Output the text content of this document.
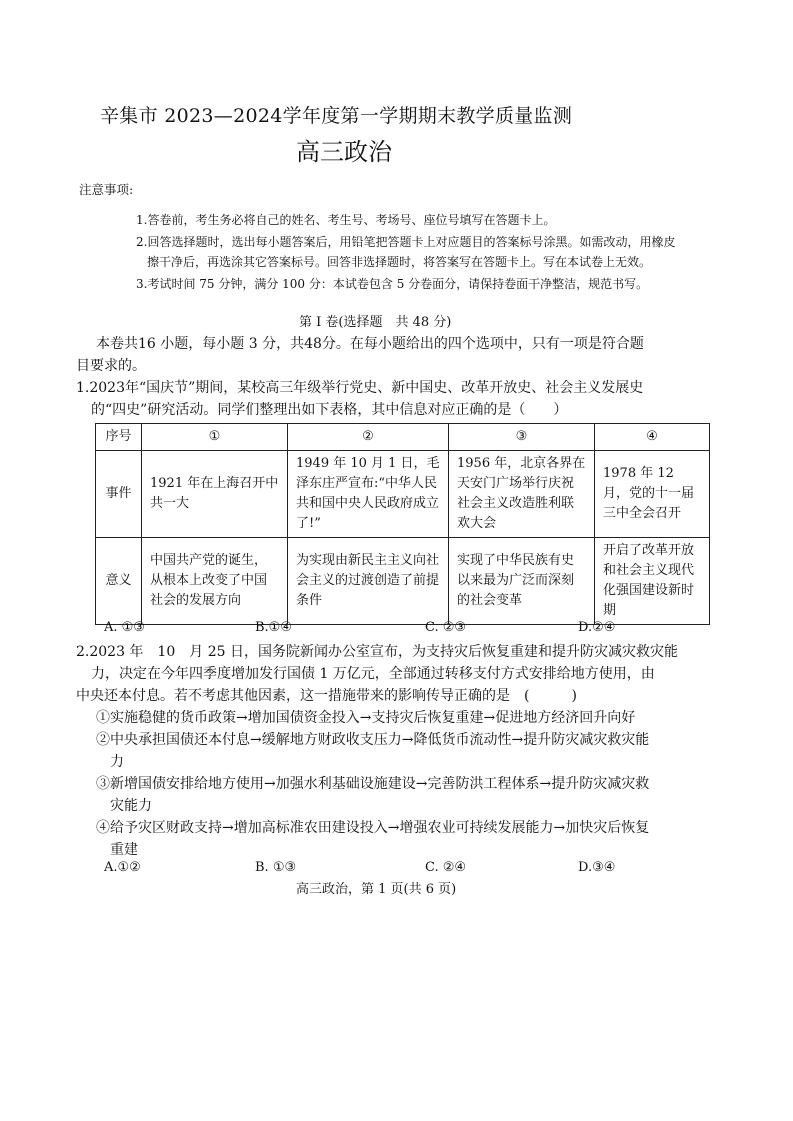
辛集市 2023—2024学年度第一学期期末教学质量监测
高三政治
注意事项:
1.答卷前，考生务必将自己的姓名、考生号、考场号、座位号填写在答题卡上。
2.回答选择题时，选出每小题答案后，用铅笔把答题卡上对应题目的答案标号涂黑。如需改动，用橡皮
擦干净后，再选涂其它答案标号。回答非选择题时，将答案写在答题卡上。写在本试卷上无效。
3.考试时间 75 分钟，满分 100 分：本试卷包含 5 分卷面分，请保持卷面干净整洁，规范书写。
第 Ⅰ 卷(选择题　共 48 分)
本卷共16 小题，每小题 3 分，共48分。在每小题给出的四个选项中，只有一项是符合题
目要求的。
1.2023年“国庆节”期间，某校高三年级举行党史、新中国史、改革开放史、社会主义发展史
的“四史”研究活动。同学们整理出如下表格，其中信息对应正确的是（　　）
序号	①	②	③	④
事件	1921 年在上海召开中共一大	1949 年 10 月 1 日，毛泽东庄严宣布:“中华人民共和国中央人民政府成立了!”	1956 年，北京各界在天安门广场举行庆祝社会主义改造胜利联欢大会	1978 年 12 月，党的十一届三中全会召开
意义	中国共产党的诞生，从根本上改变了中国社会的发展方向	为实现由新民主主义向社会主义的过渡创造了前提条件	实现了中华民族有史以来最为广泛而深刻的社会变革	开启了改革开放和社会主义现代化强国建设新时期
A. ①③	B.①④	C. ②③	D.②④
2.2023 年　10　月 25 日，国务院新闻办公室宣布，为支持灾后恢复重建和提升防灾减灾救灾能
力，决定在今年四季度增加发行国债 1 万亿元，全部通过转移支付方式安排给地方使用，由
中央还本付息。若不考虑其他因素，这一措施带来的影响传导正确的是　(　　　)
①实施稳健的货币政策→增加国债资金投入→支持灾后恢复重建→促进地方经济回升向好
②中央承担国债还本付息→缓解地方财政收支压力→降低货币流动性→提升防灾减灾救灾能
力
③新增国债安排给地方使用→加强水利基础设施建设→完善防洪工程体系→提升防灾减灾救
灾能力
④给予灾区财政支持→增加高标准农田建设投入→增强农业可持续发展能力→加快灾后恢复
重建
A.①②	B. ①③	C. ②④	D.③④
高三政治，第 1 页(共 6 页)
